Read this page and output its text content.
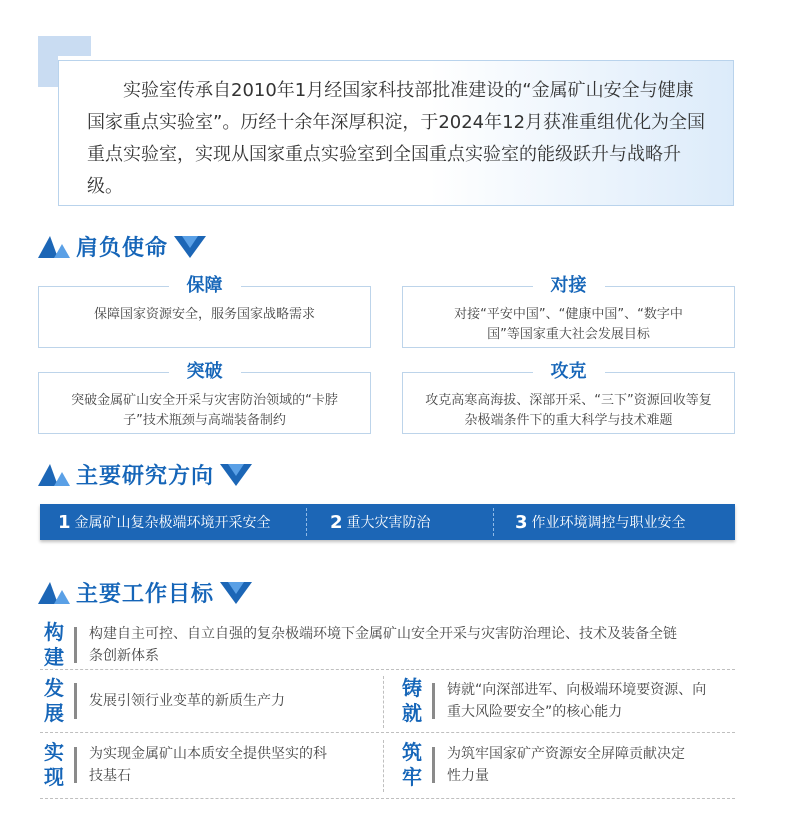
实验室传承自2010年1月经国家科技部批准建设的“金属矿山安全与健康国家重点实验室”。历经十余年深厚积淀，于2024年12月获准重组优化为全国重点实验室，实现从国家重点实验室到全国重点实验室的能级跃升与战略升级。
肩负使命
保障
保障国家资源安全，服务国家战略需求
对接
对接“平安中国”、“健康中国”、“数字中国”等国家重大社会发展目标
突破
突破金属矿山安全开采与灾害防治领域的“卡脖子”技术瓶颈与高端装备制约
攻克
攻克高寒高海拔、深部开采、“三下”资源回收等复杂极端条件下的重大科学与技术难题
主要研究方向
1 金属矿山复杂极端环境开采安全	2 重大灾害防治	3 作业环境调控与职业安全
主要工作目标
构
建
构建自主可控、自立自强的复杂极端环境下金属矿山安全开采与灾害防治理论、技术及装备全链条创新体系
发
展 发展引领行业变革的新质生产力
铸
就
铸就“向深部进军、向极端环境要资源、向重大风险要安全”的核心能力
实
现
为实现金属矿山本质安全提供坚实的科技基石
筑
牢
为筑牢国家矿产资源安全屏障贡献决定性力量
